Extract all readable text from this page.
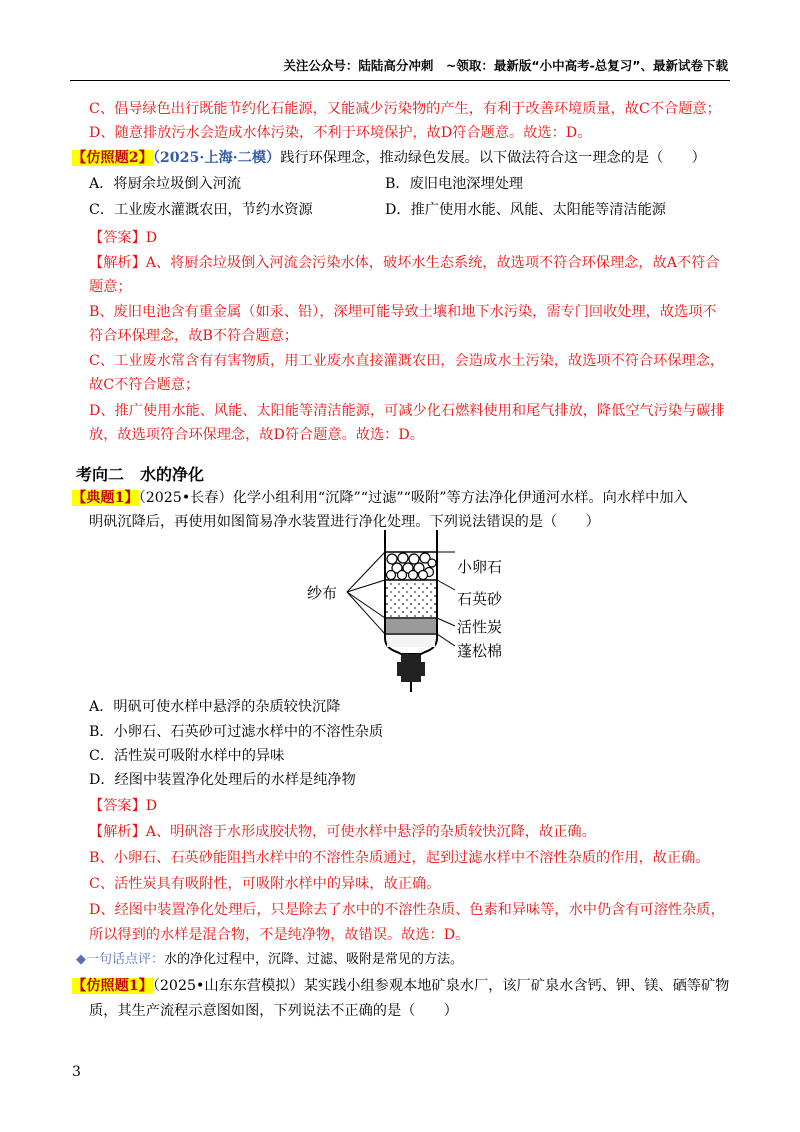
关注公众号：陆陆高分冲刺　~领取：最新版“小中高考-总复习”、最新试卷下载
C、倡导绿色出行既能节约化石能源，又能减少污染物的产生，有利于改善环境质量，故C不合题意；
D、随意排放污水会造成水体污染，不利于环境保护，故D符合题意。故选：D。
【仿照题2】（2025·上海·二模）践行环保理念，推动绿色发展。以下做法符合这一理念的是（　　）
A．将厨余垃圾倒入河流	B．废旧电池深埋处理
C．工业废水灌溉农田，节约水资源	D．推广使用水能、风能、太阳能等清洁能源
【答案】D
【解析】A、将厨余垃圾倒入河流会污染水体，破坏水生态系统，故选项不符合环保理念，故A不符合
题意；
B、废旧电池含有重金属（如汞、铅），深埋可能导致土壤和地下水污染，需专门回收处理，故选项不
符合环保理念，故B不符合题意；
C、工业废水常含有有害物质，用工业废水直接灌溉农田，会造成水土污染，故选项不符合环保理念，
故C不符合题意；
D、推广使用水能、风能、太阳能等清洁能源，可减少化石燃料使用和尾气排放，降低空气污染与碳排
放，故选项符合环保理念，故D符合题意。故选：D。
考向二　水的净化
【典题1】（2025•长春）化学小组利用“沉降”“过滤”“吸附”等方法净化伊通河水样。向水样中加入
明矾沉降后，再使用如图简易净水装置进行净化处理。下列说法错误的是（　　）
小卵石
石英砂
活性炭
蓬松棉
纱布
A．明矾可使水样中悬浮的杂质较快沉降
B．小卵石、石英砂可过滤水样中的不溶性杂质
C．活性炭可吸附水样中的异味
D．经图中装置净化处理后的水样是纯净物
【答案】D
【解析】A、明矾溶于水形成胶状物，可使水样中悬浮的杂质较快沉降，故正确。
B、小卵石、石英砂能阻挡水样中的不溶性杂质通过，起到过滤水样中不溶性杂质的作用，故正确。
C、活性炭具有吸附性，可吸附水样中的异味，故正确。
D、经图中装置净化处理后，只是除去了水中的不溶性杂质、色素和异味等，水中仍含有可溶性杂质，
所以得到的水样是混合物，不是纯净物，故错误。故选：D。
◆一句话点评：水的净化过程中，沉降、过滤、吸附是常见的方法。
【仿照题1】（2025•山东东营模拟）某实践小组参观本地矿泉水厂，该厂矿泉水含钙、钾、镁、硒等矿物
质，其生产流程示意图如图，下列说法不正确的是（　　）
3
